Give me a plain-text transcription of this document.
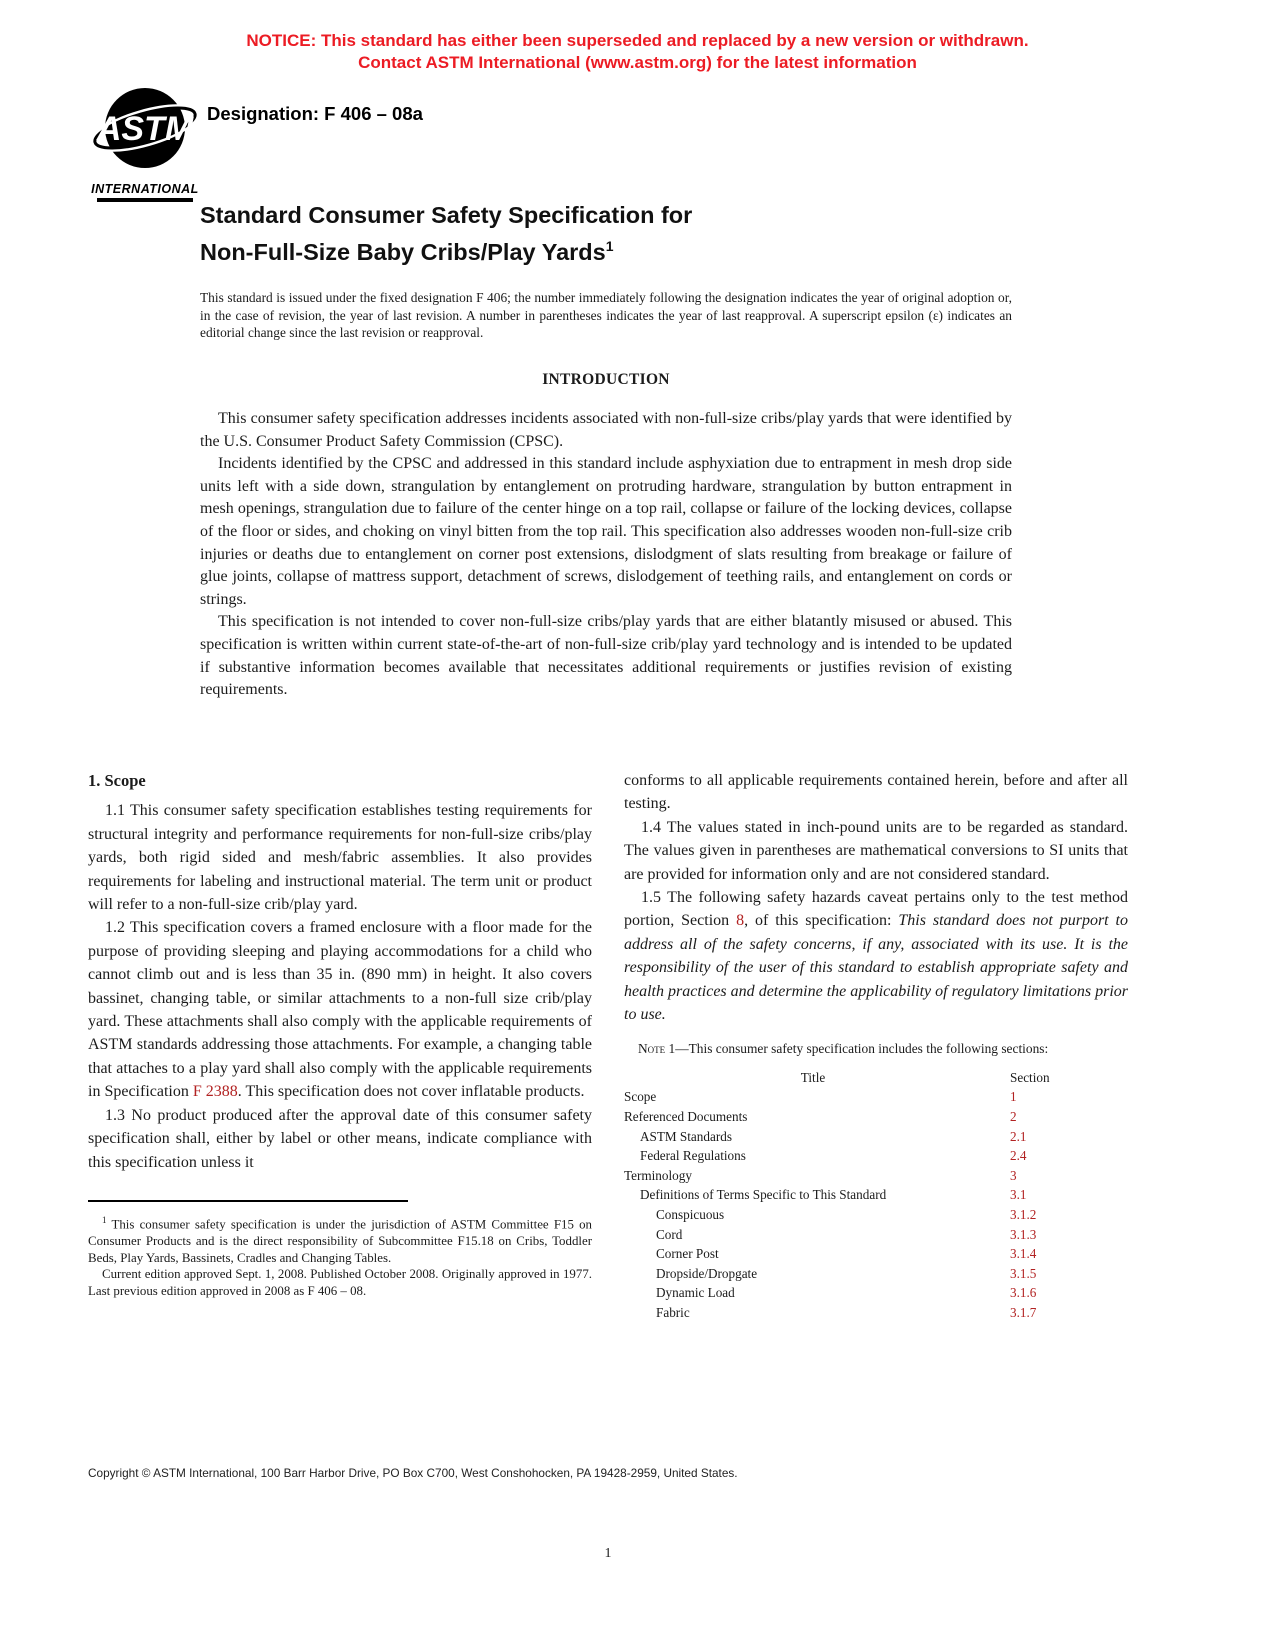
NOTICE: This standard has either been superseded and replaced by a new version or withdrawn.
Contact ASTM International (www.astm.org) for the latest information
ASTM
INTERNATIONAL
Designation: F 406 – 08a
Standard Consumer Safety Specification for
Non-Full-Size Baby Cribs/Play Yards$^1$
This standard is issued under the fixed designation F 406; the number immediately following the designation indicates the year of original adoption or, in the case of revision, the year of last revision. A number in parentheses indicates the year of last reapproval. A superscript epsilon (ε) indicates an editorial change since the last revision or reapproval.
INTRODUCTION

This consumer safety specification addresses incidents associated with non-full-size cribs/play yards that were identified by the U.S. Consumer Product Safety Commission (CPSC).

Incidents identified by the CPSC and addressed in this standard include asphyxiation due to entrapment in mesh drop side units left with a side down, strangulation by entanglement on protruding hardware, strangulation by button entrapment in mesh openings, strangulation due to failure of the center hinge on a top rail, collapse or failure of the locking devices, collapse of the floor or sides, and choking on vinyl bitten from the top rail. This specification also addresses wooden non-full-size crib injuries or deaths due to entanglement on corner post extensions, dislodgment of slats resulting from breakage or failure of glue joints, collapse of mattress support, detachment of screws, dislodgement of teething rails, and entanglement on cords or strings.

This specification is not intended to cover non-full-size cribs/play yards that are either blatantly misused or abused. This specification is written within current state-of-the-art of non-full-size crib/play yard technology and is intended to be updated if substantive information becomes available that necessitates additional requirements or justifies revision of existing requirements.

1. Scope

1.1 This consumer safety specification establishes testing requirements for structural integrity and performance requirements for non-full-size cribs/play yards, both rigid sided and mesh/fabric assemblies. It also provides requirements for labeling and instructional material. The term unit or product will refer to a non-full-size crib/play yard.

1.2 This specification covers a framed enclosure with a floor made for the purpose of providing sleeping and playing accommodations for a child who cannot climb out and is less than 35 in. (890 mm) in height. It also covers bassinet, changing table, or similar attachments to a non-full size crib/play yard. These attachments shall also comply with the applicable requirements of ASTM standards addressing those attachments. For example, a changing table that attaches to a play yard shall also comply with the applicable requirements in Specification F 2388. This specification does not cover inflatable products.

1.3 No product produced after the approval date of this consumer safety specification shall, either by label or other means, indicate compliance with this specification unless it

$^1$ This consumer safety specification is under the jurisdiction of ASTM Committee F15 on Consumer Products and is the direct responsibility of Subcommittee F15.18 on Cribs, Toddler Beds, Play Yards, Bassinets, Cradles and Changing Tables.

Current edition approved Sept. 1, 2008. Published October 2008. Originally approved in 1977. Last previous edition approved in 2008 as F 406 – 08.

conforms to all applicable requirements contained herein, before and after all testing.

1.4 The values stated in inch-pound units are to be regarded as standard. The values given in parentheses are mathematical conversions to SI units that are provided for information only and are not considered standard.

1.5 The following safety hazards caveat pertains only to the test method portion, Section 8, of this specification: This standard does not purport to address all of the safety concerns, if any, associated with its use. It is the responsibility of the user of this standard to establish appropriate safety and health practices and determine the applicability of regulatory limitations prior to use.

Note 1—This consumer safety specification includes the following sections:

Title	Section
Scope	1
Referenced Documents	2
ASTM Standards	2.1
Federal Regulations	2.4
Terminology	3
Definitions of Terms Specific to This Standard	3.1
Conspicuous	3.1.2
Cord	3.1.3
Corner Post	3.1.4
Dropside/Dropgate	3.1.5
Dynamic Load	3.1.6
Fabric	3.1.7
Copyright © ASTM International, 100 Barr Harbor Drive, PO Box C700, West Conshohocken, PA 19428-2959, United States.
1
